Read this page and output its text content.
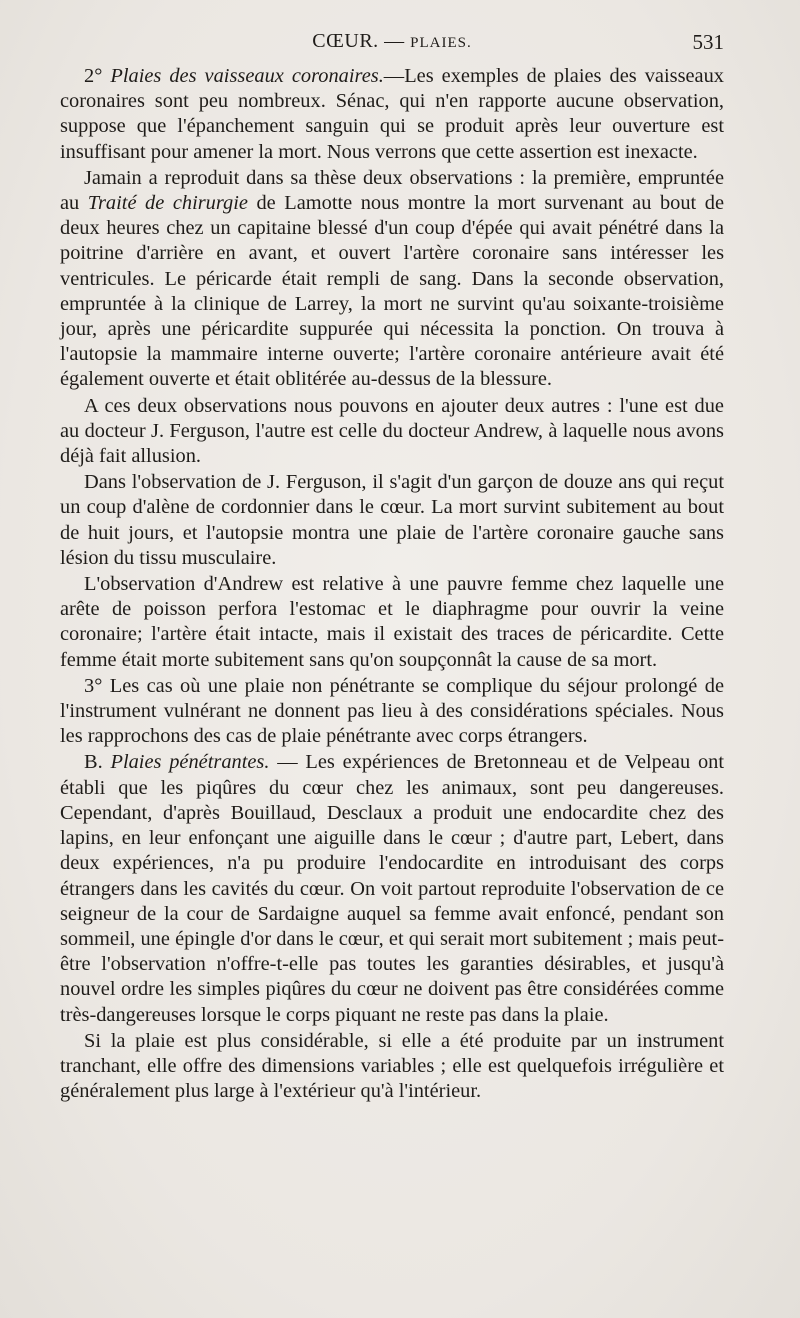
CŒUR. — PLAIES.	531

2° Plaies des vaisseaux coronaires.—Les exemples de plaies des vaisseaux coronaires sont peu nombreux. Sénac, qui n'en rapporte aucune observation, suppose que l'épanchement sanguin qui se produit après leur ouverture est insuffisant pour amener la mort. Nous verrons que cette assertion est inexacte.

Jamain a reproduit dans sa thèse deux observations : la première, empruntée au Traité de chirurgie de Lamotte nous montre la mort survenant au bout de deux heures chez un capitaine blessé d'un coup d'épée qui avait pénétré dans la poitrine d'arrière en avant, et ouvert l'artère coronaire sans intéresser les ventricules. Le péricarde était rempli de sang. Dans la seconde observation, empruntée à la clinique de Larrey, la mort ne survint qu'au soixante-troisième jour, après une péricardite suppurée qui nécessita la ponction. On trouva à l'autopsie la mammaire interne ouverte; l'artère coronaire antérieure avait été également ouverte et était oblitérée au-dessus de la blessure.

A ces deux observations nous pouvons en ajouter deux autres : l'une est due au docteur J. Ferguson, l'autre est celle du docteur Andrew, à laquelle nous avons déjà fait allusion.

Dans l'observation de J. Ferguson, il s'agit d'un garçon de douze ans qui reçut un coup d'alène de cordonnier dans le cœur. La mort survint subitement au bout de huit jours, et l'autopsie montra une plaie de l'artère coronaire gauche sans lésion du tissu musculaire.

L'observation d'Andrew est relative à une pauvre femme chez laquelle une arête de poisson perfora l'estomac et le diaphragme pour ouvrir la veine coronaire; l'artère était intacte, mais il existait des traces de péricardite. Cette femme était morte subitement sans qu'on soupçonnât la cause de sa mort.

3° Les cas où une plaie non pénétrante se complique du séjour prolongé de l'instrument vulnérant ne donnent pas lieu à des considérations spéciales. Nous les rapprochons des cas de plaie pénétrante avec corps étrangers.

B. Plaies pénétrantes. — Les expériences de Bretonneau et de Velpeau ont établi que les piqûres du cœur chez les animaux, sont peu dangereuses. Cependant, d'après Bouillaud, Desclaux a produit une endocardite chez des lapins, en leur enfonçant une aiguille dans le cœur ; d'autre part, Lebert, dans deux expériences, n'a pu produire l'endocardite en introduisant des corps étrangers dans les cavités du cœur. On voit partout reproduite l'observation de ce seigneur de la cour de Sardaigne auquel sa femme avait enfoncé, pendant son sommeil, une épingle d'or dans le cœur, et qui serait mort subitement ; mais peut-être l'observation n'offre-t-elle pas toutes les garanties désirables, et jusqu'à nouvel ordre les simples piqûres du cœur ne doivent pas être considérées comme très-dangereuses lorsque le corps piquant ne reste pas dans la plaie.

Si la plaie est plus considérable, si elle a été produite par un instrument tranchant, elle offre des dimensions variables ; elle est quelquefois irrégulière et généralement plus large à l'extérieur qu'à l'intérieur.
